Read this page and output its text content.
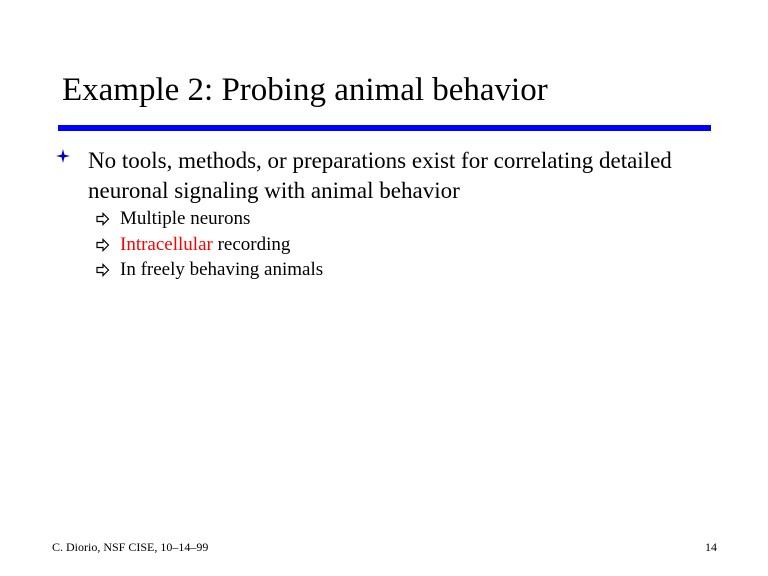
Example 2: Probing animal behavior
No tools, methods, or preparations exist for correlating detailed neuronal signaling with animal behavior
Multiple neurons
Intracellular recording
In freely behaving animals
C. Diorio, NSF CISE, 10–14–99	14
